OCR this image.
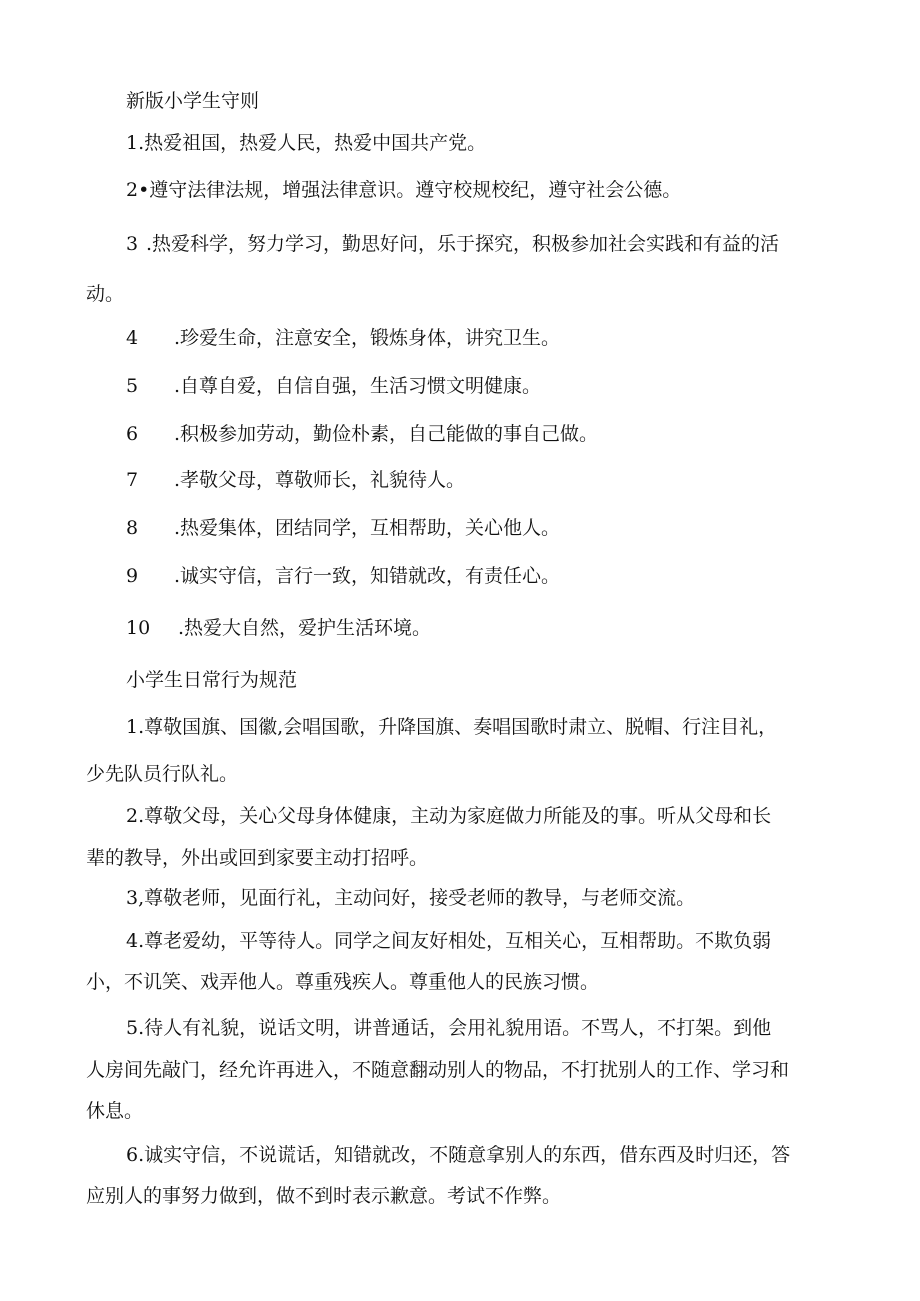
新版小学生守则
1.热爱祖国，热爱人民，热爱中国共产党。
2•遵守法律法规，增强法律意识。遵守校规校纪，遵守社会公德。
3 .热爱科学，努力学习，勤思好问，乐于探究，积极参加社会实践和有益的活
动。
4 .珍爱生命，注意安全，锻炼身体，讲究卫生。
5 .自尊自爱，自信自强，生活习惯文明健康。
6 .积极参加劳动，勤俭朴素，自己能做的事自己做。
7 .孝敬父母，尊敬师长，礼貌待人。
8 .热爱集体，团结同学，互相帮助，关心他人。
9 .诚实守信，言行一致，知错就改，有责任心。
10 .热爱大自然，爱护生活环境。
小学生日常行为规范
1.尊敬国旗、国徽,会唱国歌，升降国旗、奏唱国歌时肃立、脱帽、行注目礼，
少先队员行队礼。
2.尊敬父母，关心父母身体健康，主动为家庭做力所能及的事。听从父母和长
辈的教导，外出或回到家要主动打招呼。
3,尊敬老师，见面行礼，主动问好，接受老师的教导，与老师交流。
4.尊老爱幼，平等待人。同学之间友好相处，互相关心，互相帮助。不欺负弱
小，不讥笑、戏弄他人。尊重残疾人。尊重他人的民族习惯。
5.待人有礼貌，说话文明，讲普通话，会用礼貌用语。不骂人，不打架。到他
人房间先敲门，经允许再进入，不随意翻动别人的物品，不打扰别人的工作、学习和
休息。
6.诚实守信，不说谎话，知错就改，不随意拿别人的东西，借东西及时归还，答
应别人的事努力做到，做不到时表示歉意。考试不作弊。
